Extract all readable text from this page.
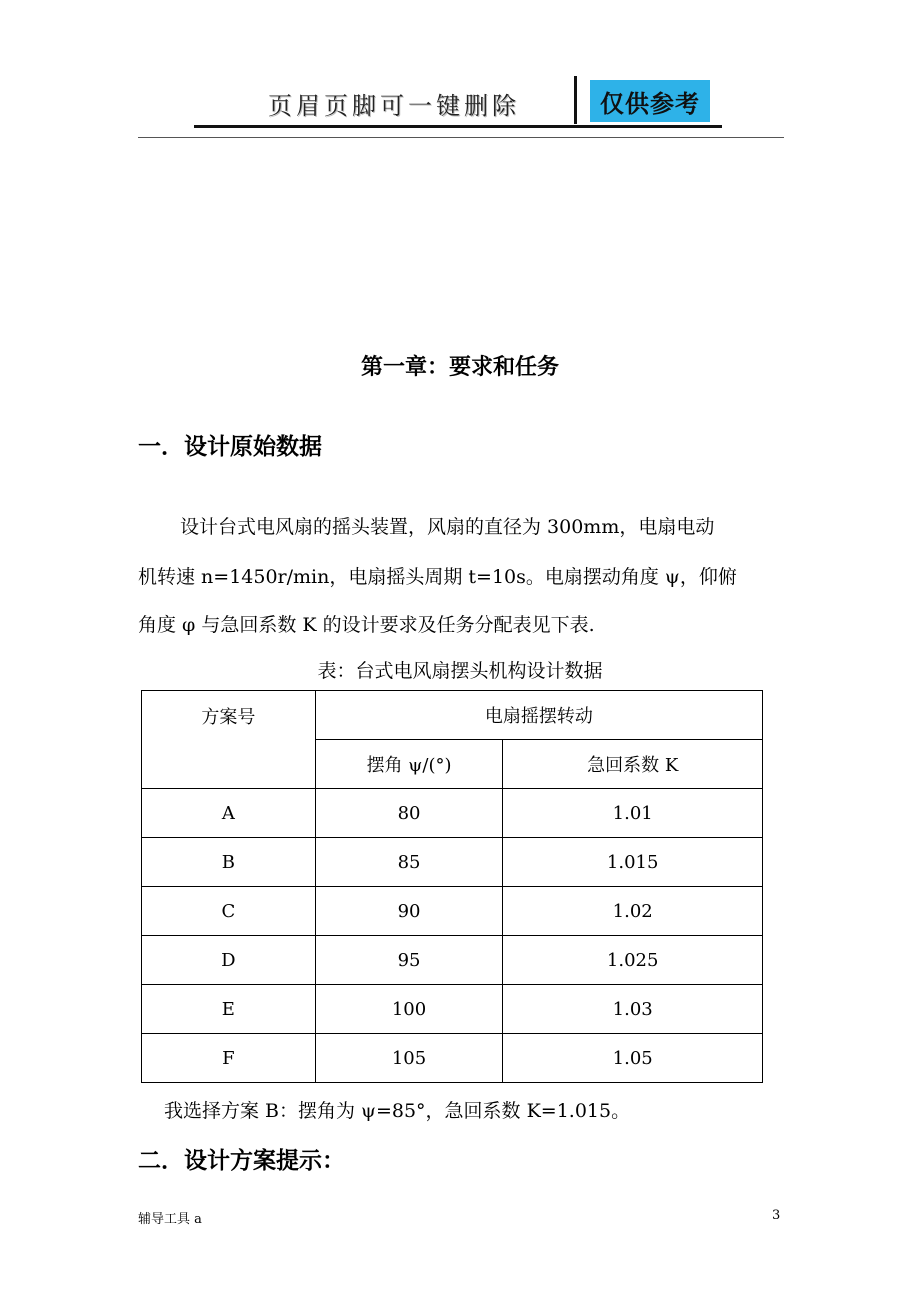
页眉页脚可一键删除	仅供参考
第一章：要求和任务
一．设计原始数据
设计台式电风扇的摇头装置，风扇的直径为 300mm，电扇电动
机转速 n=1450r/min，电扇摇头周期 t=10s。电扇摆动角度 ψ，仰俯
角度 φ 与急回系数 K 的设计要求及任务分配表见下表.
表：台式电风扇摆头机构设计数据
方案号	电扇摇摆转动	
	摆角 ψ/(°)	急回系数 K
A	80	1.01
B	85	1.015
C	90	1.02
D	95	1.025
E	100	1.03
F	105	1.05
我选择方案 B：摆角为 ψ=85°，急回系数 K=1.015。
二．设计方案提示：
辅导工具 a	3
